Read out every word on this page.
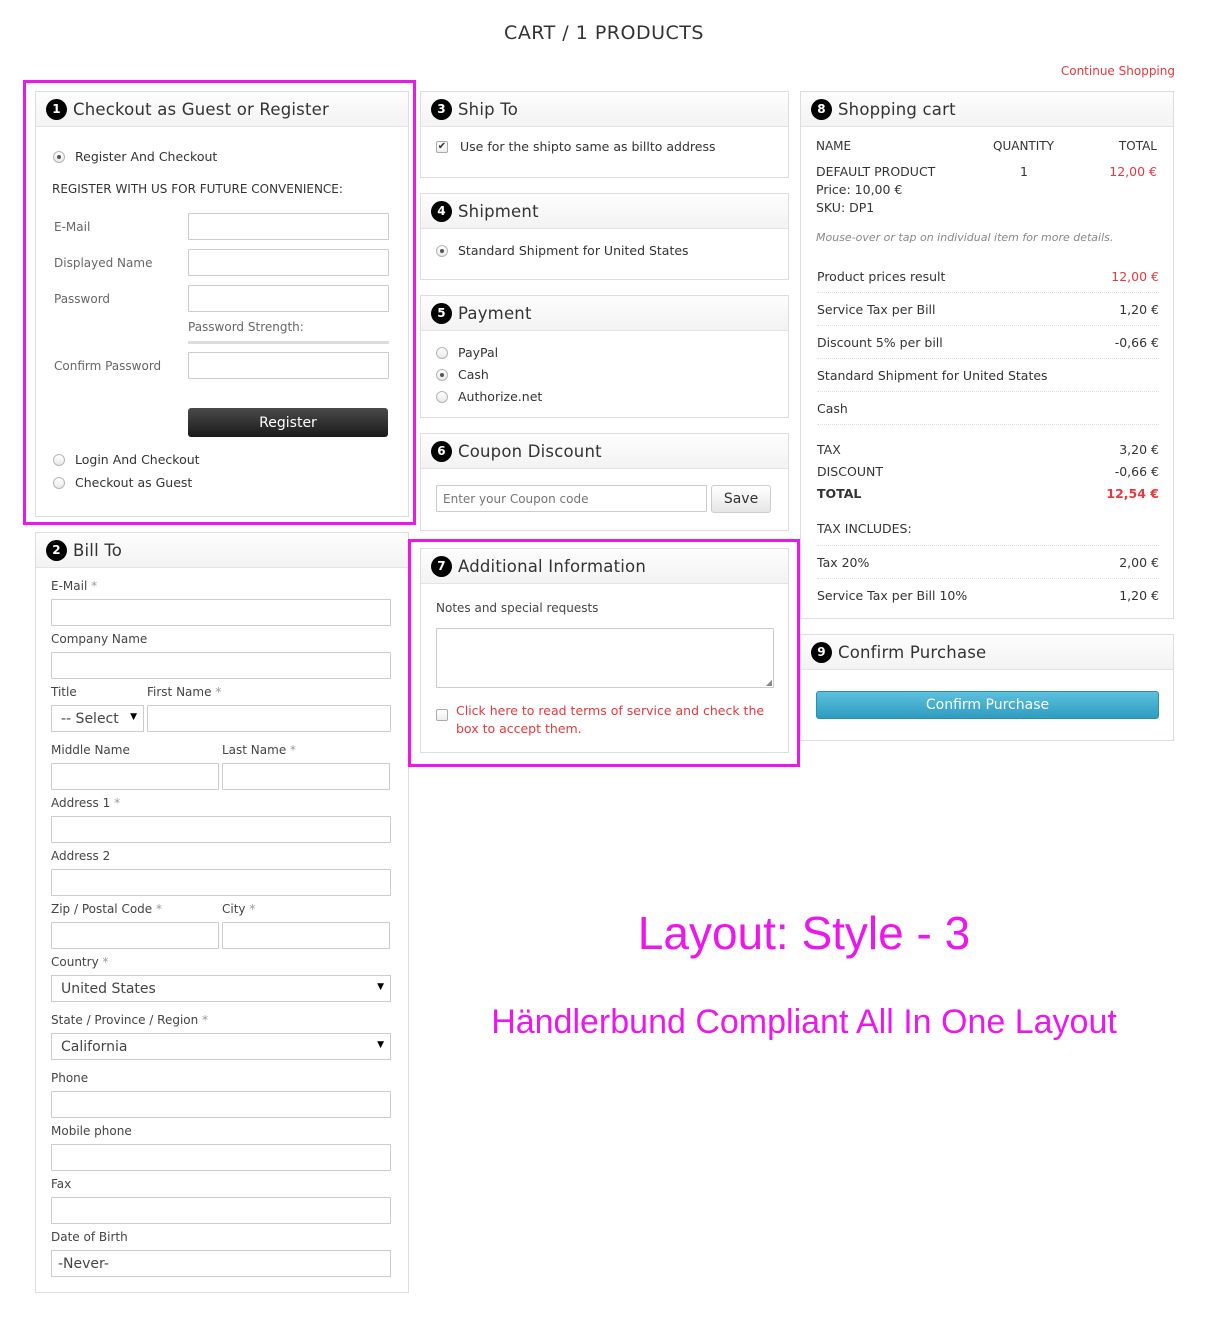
CART / 1 PRODUCTS
Continue Shopping
1 Checkout as Guest or Register
Register And Checkout
REGISTER WITH US FOR FUTURE CONVENIENCE:
E-Mail
Displayed Name
Password
Password Strength:
Confirm Password
Register
Login And Checkout
Checkout as Guest
2 Bill To
E-Mail *
Company Name
Title	First Name *
-- Select ▼
Middle Name	Last Name *
Address 1 *
Address 2
Zip / Postal Code *	City *
Country *
United States	▼
State / Province / Region *
California	▼
Phone
Mobile phone
Fax
Date of Birth
-Never-
3 Ship To
✔ Use for the shipto same as billto address
4 Shipment
Standard Shipment for United States
5 Payment
PayPal
Cash
Authorize.net
6 Coupon Discount
Enter your Coupon code
Save
7 Additional Information
Notes and special requests
◢
Click here to read terms of service and check the box to accept them.
8 Shopping cart
NAME	QUANTITY	TOTAL
DEFAULT PRODUCT
Price: 10,00 €
SKU: DP1
1	12,00 €
Mouse-over or tap on individual item for more details.
Product prices result	12,00 €
Service Tax per Bill	1,20 €
Discount 5% per bill	-0,66 €
Standard Shipment for United States
Cash
TAX	3,20 €
DISCOUNT	-0,66 €
TOTAL	12,54 €
TAX INCLUDES:
Tax 20%	2,00 €
Service Tax per Bill 10%	1,20 €
9 Confirm Purchase
Confirm Purchase
Layout: Style - 3
Händlerbund Compliant All In One Layout
